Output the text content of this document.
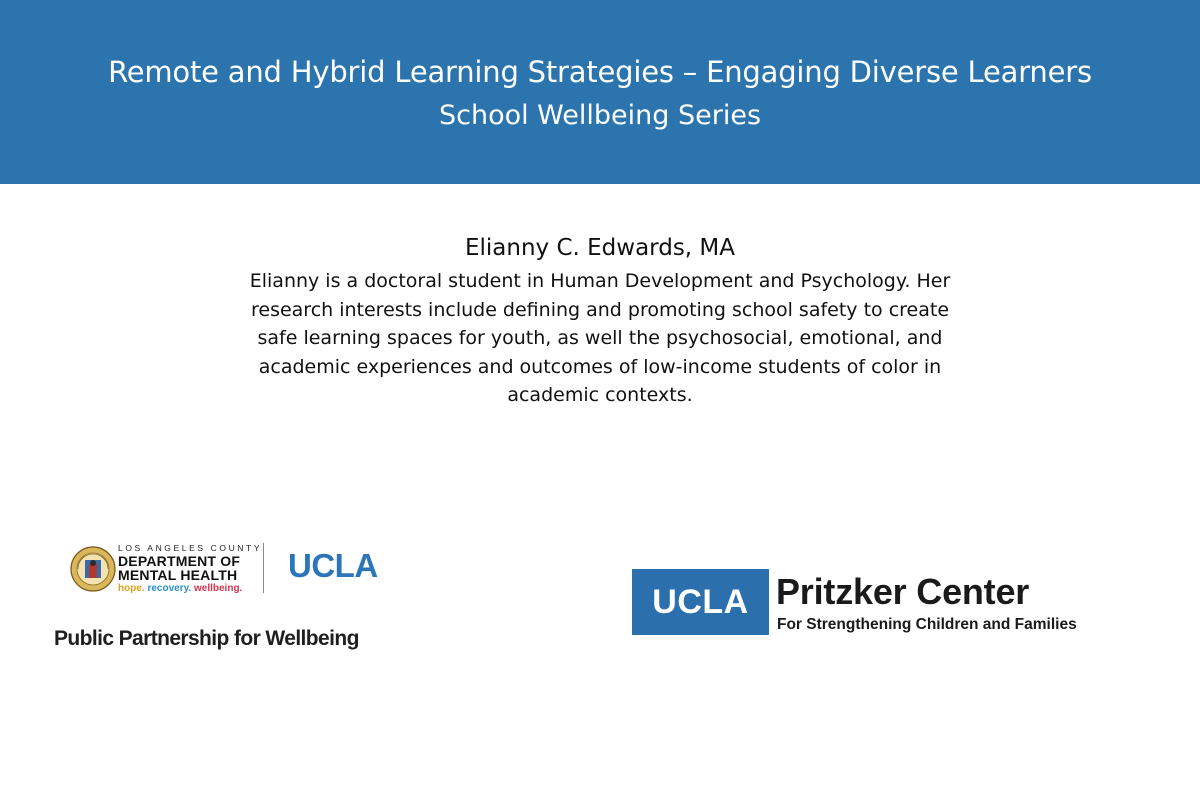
Remote and Hybrid Learning Strategies – Engaging Diverse Learners
School Wellbeing Series
Elianny C. Edwards, MA
Elianny is a doctoral student in Human Development and Psychology. Her research interests include defining and promoting school safety to create safe learning spaces for youth, as well the psychosocial, emotional, and academic experiences and outcomes of low-income students of color in academic contexts.
LOS ANGELES COUNTY
DEPARTMENT OF
MENTAL HEALTH
hope. recovery. wellbeing.
UCLA
Public Partnership for Wellbeing
UCLA Pritzker Center
For Strengthening Children and Families
